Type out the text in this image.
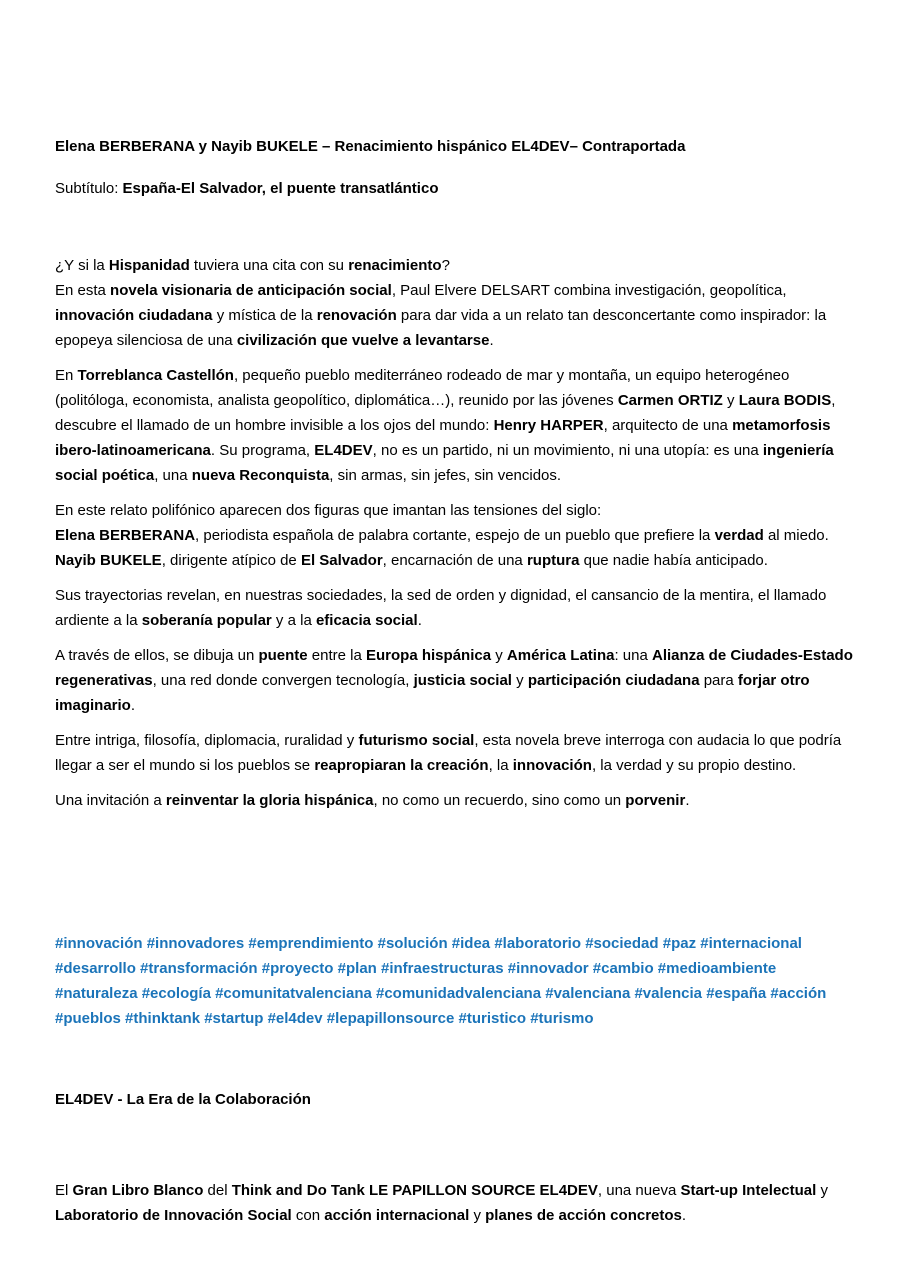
Elena BERBERANA y Nayib BUKELE – Renacimiento hispánico EL4DEV– Contraportada

Subtítulo: España-El Salvador, el puente transatlántico

¿Y si la Hispanidad tuviera una cita con su renacimiento?
En esta novela visionaria de anticipación social, Paul Elvere DELSART combina investigación, geopolítica, innovación ciudadana y mística de la renovación para dar vida a un relato tan desconcertante como inspirador: la epopeya silenciosa de una civilización que vuelve a levantarse.

En Torreblanca Castellón, pequeño pueblo mediterráneo rodeado de mar y montaña, un equipo heterogéneo (politóloga, economista, analista geopolítico, diplomática…), reunido por las jóvenes Carmen ORTIZ y Laura BODIS, descubre el llamado de un hombre invisible a los ojos del mundo: Henry HARPER, arquitecto de una metamorfosis ibero-latinoamericana. Su programa, EL4DEV, no es un partido, ni un movimiento, ni una utopía: es una ingeniería social poética, una nueva Reconquista, sin armas, sin jefes, sin vencidos.

En este relato polifónico aparecen dos figuras que imantan las tensiones del siglo:
Elena BERBERANA, periodista española de palabra cortante, espejo de un pueblo que prefiere la verdad al miedo.
Nayib BUKELE, dirigente atípico de El Salvador, encarnación de una ruptura que nadie había anticipado.

Sus trayectorias revelan, en nuestras sociedades, la sed de orden y dignidad, el cansancio de la mentira, el llamado ardiente a la soberanía popular y a la eficacia social.

A través de ellos, se dibuja un puente entre la Europa hispánica y América Latina: una Alianza de Ciudades-Estado regenerativas, una red donde convergen tecnología, justicia social y participación ciudadana para forjar otro imaginario.

Entre intriga, filosofía, diplomacia, ruralidad y futurismo social, esta novela breve interroga con audacia lo que podría llegar a ser el mundo si los pueblos se reapropiaran la creación, la innovación, la verdad y su propio destino.

Una invitación a reinventar la gloria hispánica, no como un recuerdo, sino como un porvenir.

#innovación #innovadores #emprendimiento #solución #idea #laboratorio #sociedad #paz #internacional #desarrollo #transformación #proyecto #plan #infraestructuras #innovador #cambio #medioambiente #naturaleza #ecología #comunitatvalenciana #comunidadvalenciana #valenciana #valencia #españa #acción #pueblos #thinktank #startup #el4dev #lepapillonsource #turistico #turismo

EL4DEV - La Era de la Colaboración

El Gran Libro Blanco del Think and Do Tank LE PAPILLON SOURCE EL4DEV, una nueva Start-up Intelectual y Laboratorio de Innovación Social con acción internacional y planes de acción concretos.
